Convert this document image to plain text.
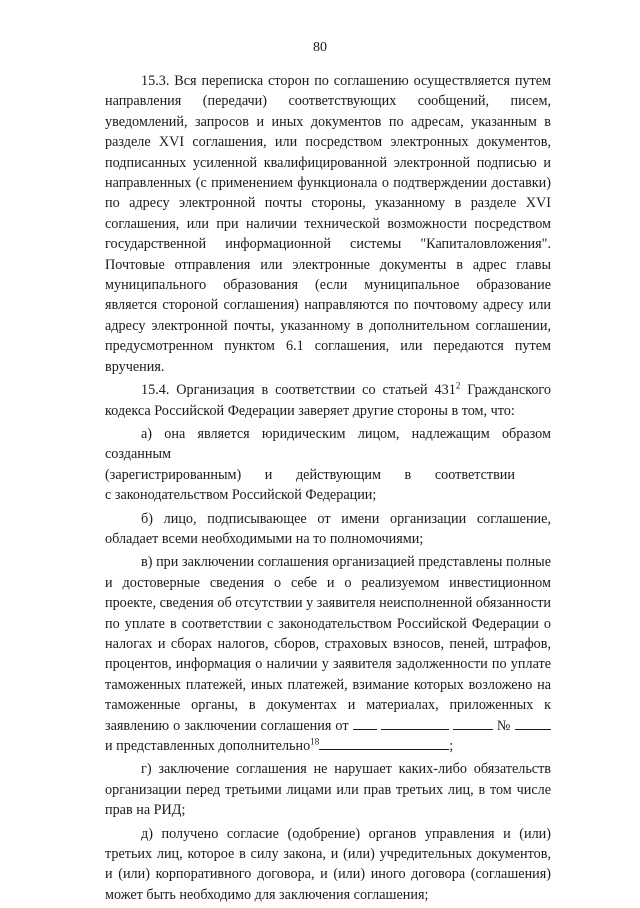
80

15.3. Вся переписка сторон по соглашению осуществляется путем направления (передачи) соответствующих сообщений, писем, уведомлений, запросов и иных документов по адресам, указанным в разделе XVI соглашения, или посредством электронных документов, подписанных усиленной квалифицированной электронной подписью и направленных (с применением функционала о подтверждении доставки) по адресу электронной почты стороны, указанному в разделе XVI соглашения, или при наличии технической возможности посредством государственной информационной системы "Капиталовложения". Почтовые отправления или электронные документы в адрес главы муниципального образования (если муниципальное образование является стороной соглашения) направляются по почтовому адресу или адресу электронной почты, указанному в дополнительном соглашении, предусмотренном пунктом 6.1 соглашения, или передаются путем вручения.

15.4. Организация в соответствии со статьей $431^2$ Гражданского кодекса Российской Федерации заверяет другие стороны в том, что:

а) она является юридическим лицом, надлежащим образом созданным
(зарегистрированным) и действующим в соответствии
с законодательством Российской Федерации;

б) лицо, подписывающее от имени организации соглашение, обладает всеми необходимыми на то полномочиями;

в) при заключении соглашения организацией представлены полные и достоверные сведения о себе и о реализуемом инвестиционном проекте, сведения об отсутствии у заявителя неисполненной обязанности по уплате в соответствии с законодательством Российской Федерации о налогах и сборах налогов, сборов, страховых взносов, пеней, штрафов, процентов, информация о наличии у заявителя задолженности по уплате таможенных платежей, иных платежей, взимание которых возложено на таможенные органы, в документах и материалах, приложенных к заявлению о заключении соглашения от	№  и представленных дополнительно$^{18}$	;

г) заключение соглашения не нарушает каких-либо обязательств организации перед третьими лицами или прав третьих лиц, в том числе прав на РИД;

д) получено согласие (одобрение) органов управления и (или) третьих лиц, которое в силу закона, и (или) учредительных документов, и (или) корпоративного договора, и (или) иного договора (соглашения) может быть необходимо для заключения соглашения;
